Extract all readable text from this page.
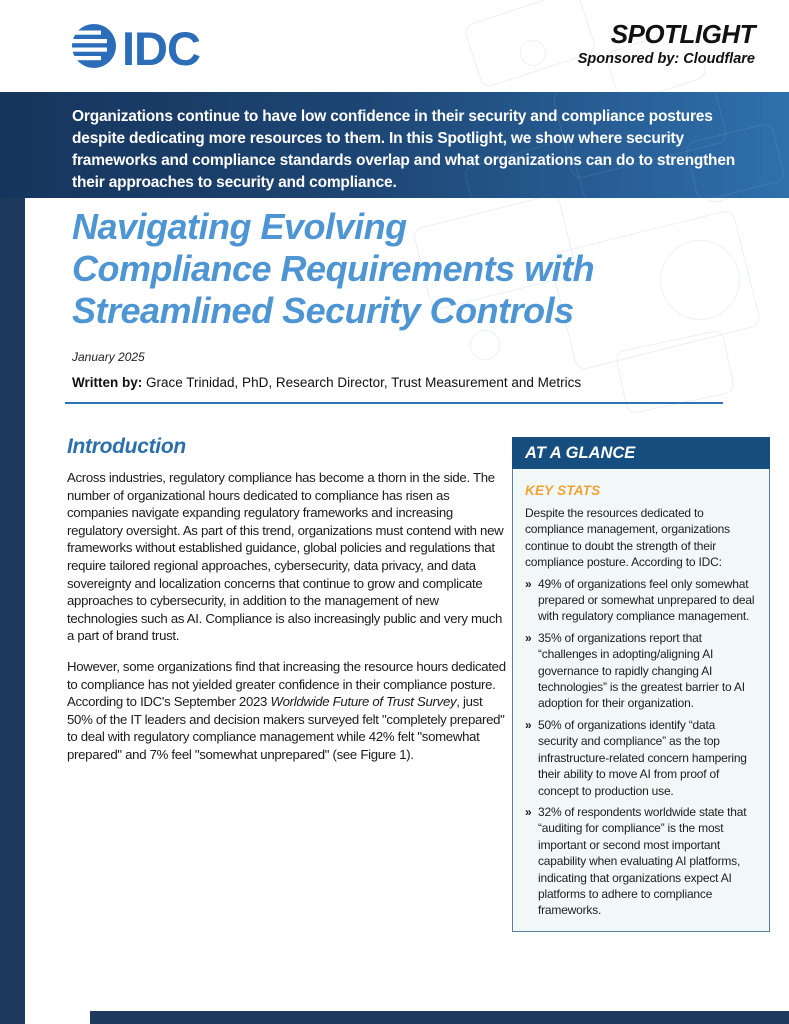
IDC	SPOTLIGHT
Sponsored by: Cloudflare
Organizations continue to have low confidence in their security and compliance postures despite dedicating more resources to them. In this Spotlight, we show where security frameworks and compliance standards overlap and what organizations can do to strengthen their approaches to security and compliance.
Navigating Evolving Compliance Requirements with Streamlined Security Controls
January 2025
Written by: Grace Trinidad, PhD, Research Director, Trust Measurement and Metrics
Introduction

Across industries, regulatory compliance has become a thorn in the side. The number of organizational hours dedicated to compliance has risen as companies navigate expanding regulatory frameworks and increasing regulatory oversight. As part of this trend, organizations must contend with new frameworks without established guidance, global policies and regulations that require tailored regional approaches, cybersecurity, data privacy, and data sovereignty and localization concerns that continue to grow and complicate approaches to cybersecurity, in addition to the management of new technologies such as AI. Compliance is also increasingly public and very much a part of brand trust.

However, some organizations find that increasing the resource hours dedicated to compliance has not yielded greater confidence in their compliance posture. According to IDC's September 2023 Worldwide Future of Trust Survey, just 50% of the IT leaders and decision makers surveyed felt "completely prepared" to deal with regulatory compliance management while 42% felt "somewhat prepared" and 7% feel "somewhat unprepared" (see Figure 1).

AT A GLANCE
KEY STATS
Despite the resources dedicated to compliance management, organizations continue to doubt the strength of their compliance posture. According to IDC:
» 49% of organizations feel only somewhat prepared or somewhat unprepared to deal with regulatory compliance management.
» 35% of organizations report that “challenges in adopting/aligning AI governance to rapidly changing AI technologies” is the greatest barrier to AI adoption for their organization.
» 50% of organizations identify “data security and compliance” as the top infrastructure-related concern hampering their ability to move AI from proof of concept to production use.
» 32% of respondents worldwide state that “auditing for compliance” is the most important or second most important capability when evaluating AI platforms, indicating that organizations expect AI platforms to adhere to compliance frameworks.
